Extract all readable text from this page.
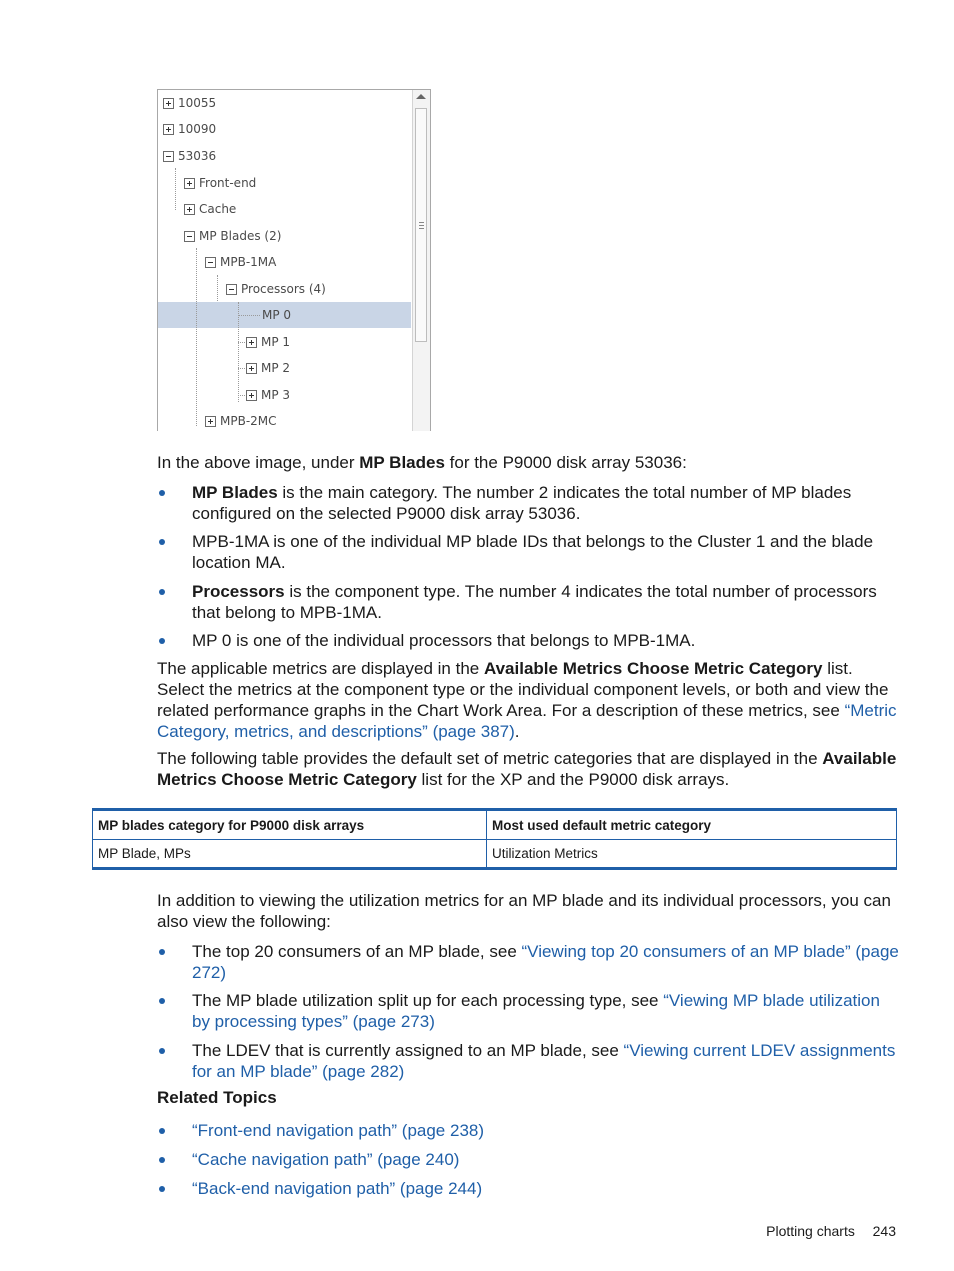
10055
10090
53036
Front-end
Cache
MP Blades (2)
MPB-1MA
Processors (4)
MP 0
MP 1
MP 2
MP 3
MPB-2MC

In the above image, under MP Blades for the P9000 disk array 53036:

MP Blades is the main category. The number 2 indicates the total number of MP blades configured on the selected P9000 disk array 53036.
MPB-1MA is one of the individual MP blade IDs that belongs to the Cluster 1 and the blade location MA.
Processors is the component type. The number 4 indicates the total number of processors that belong to MPB-1MA.
MP 0 is one of the individual processors that belongs to MPB-1MA.

The applicable metrics are displayed in the Available Metrics Choose Metric Category list. Select the metrics at the component type or the individual component levels, or both and view the related performance graphs in the Chart Work Area. For a description of these metrics, see “Metric Category, metrics, and descriptions” (page 387).

The following table provides the default set of metric categories that are displayed in the Available Metrics Choose Metric Category list for the XP and the P9000 disk arrays.

MP blades category for P9000 disk arrays	Most used default metric category
MP Blade, MPs	Utilization Metrics

In addition to viewing the utilization metrics for an MP blade and its individual processors, you can also view the following:

The top 20 consumers of an MP blade, see “Viewing top 20 consumers of an MP blade” (page 272)
The MP blade utilization split up for each processing type, see “Viewing MP blade utilization by processing types” (page 273)
The LDEV that is currently assigned to an MP blade, see “Viewing current LDEV assignments for an MP blade” (page 282)
Related Topics
“Front-end navigation path” (page 238)
“Cache navigation path” (page 240)
“Back-end navigation path” (page 244)
Plotting charts 243
